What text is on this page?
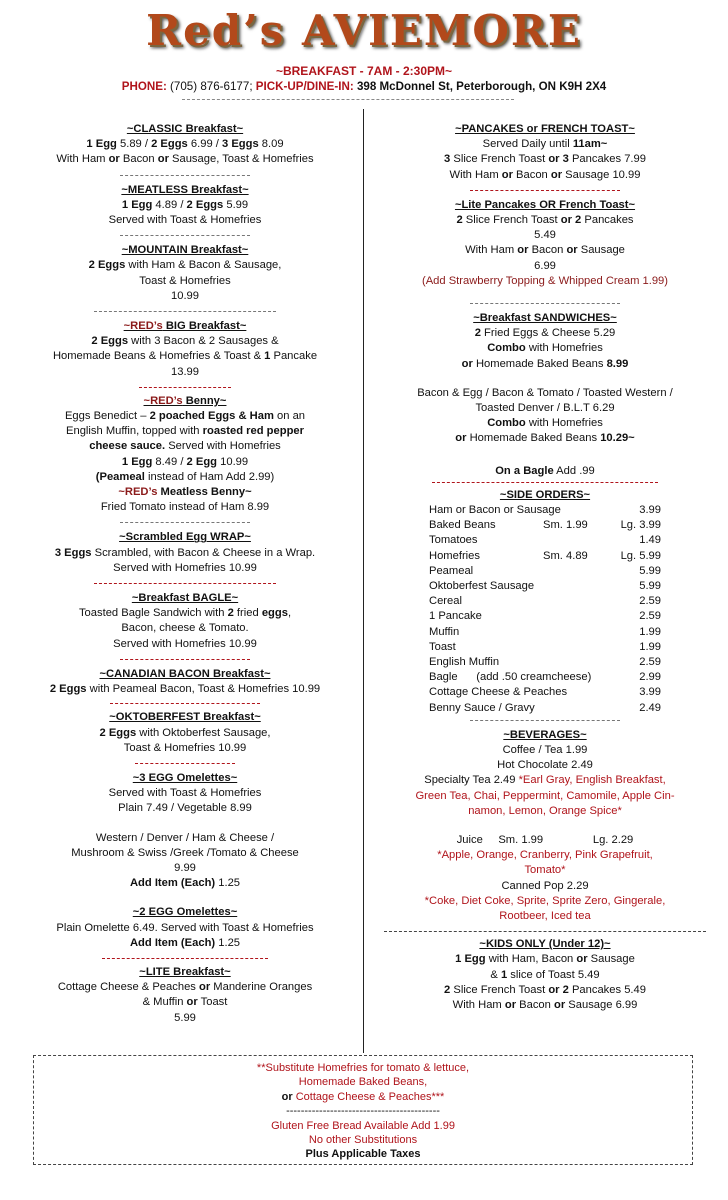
Red’s AVIEMORE
~BREAKFAST - 7AM - 2:30PM~
PHONE: (705) 876-6177; PICK-UP/DINE-IN: 398 McDonnel St, Peterborough, ON K9H 2X4

~CLASSIC Breakfast~

1 Egg 5.89 / 2 Eggs 6.99 / 3 Eggs 8.09

With Ham or Bacon or Sausage, Toast & Homefries

~MEATLESS Breakfast~

1 Egg 4.89 / 2 Eggs 5.99

Served with Toast & Homefries

~MOUNTAIN Breakfast~

2 Eggs with Ham & Bacon & Sausage,

Toast & Homefries

10.99

~RED’s BIG Breakfast~

2 Eggs with 3 Bacon & 2 Sausages &

Homemade Beans & Homefries & Toast & 1 Pancake

13.99

~RED’s Benny~

Eggs Benedict – 2 poached Eggs & Ham on an

English Muffin, topped with roasted red pepper

cheese sauce. Served with Homefries

1 Egg 8.49 / 2 Egg 10.99

(Peameal instead of Ham Add 2.99)

~RED’s Meatless Benny~

Fried Tomato instead of Ham 8.99

~Scrambled Egg WRAP~

3 Eggs Scrambled, with Bacon & Cheese in a Wrap.

Served with Homefries 10.99

~Breakfast BAGLE~

Toasted Bagle Sandwich with 2 fried eggs,

Bacon, cheese & Tomato.

Served with Homefries 10.99

~CANADIAN BACON Breakfast~

2 Eggs with Peameal Bacon, Toast & Homefries 10.99

~OKTOBERFEST Breakfast~

2 Eggs with Oktoberfest Sausage,

Toast & Homefries 10.99

~3 EGG Omelettes~

Served with Toast & Homefries

Plain 7.49 / Vegetable 8.99

Western / Denver / Ham & Cheese /

Mushroom & Swiss /Greek /Tomato & Cheese

9.99

Add Item (Each) 1.25

~2 EGG Omelettes~

Plain Omelette 6.49. Served with Toast & Homefries

Add Item (Each) 1.25

~LITE Breakfast~

Cottage Cheese & Peaches or Manderine Oranges

& Muffin or Toast

5.99

~PANCAKES or FRENCH TOAST~

Served Daily until 11am~

3 Slice French Toast or 3 Pancakes 7.99

With Ham or Bacon or Sausage 10.99

~Lite Pancakes OR French Toast~

2 Slice French Toast or 2 Pancakes

5.49

With Ham or Bacon or Sausage

6.99

(Add Strawberry Topping & Whipped Cream 1.99)

~Breakfast SANDWICHES~

2 Fried Eggs & Cheese 5.29

Combo with Homefries

or Homemade Baked Beans 8.99

Bacon & Egg / Bacon & Tomato / Toasted Western /

Toasted Denver / B.L.T 6.29

Combo with Homefries

or Homemade Baked Beans 10.29~

On a Bagle Add .99

~SIDE ORDERS~

Ham or Bacon or Sausage	3.99
Baked Beans	Sm. 1.99	Lg. 3.99
Tomatoes	1.49
Homefries	Sm. 4.89	Lg. 5.99
Peameal	5.99
Oktoberfest Sausage	5.99
Cereal	2.59
1 Pancake	2.59
Muffin	1.99
Toast	1.99
English Muffin	2.59
Bagle      (add .50 creamcheese)	2.99
Cottage Cheese & Peaches	3.99
Benny Sauce / Gravy	2.49

~BEVERAGES~

Coffee / Tea 1.99

Hot Chocolate 2.49

Specialty Tea 2.49 *Earl Gray, English Breakfast,

Green Tea, Chai, Peppermint, Camomile, Apple Cin-

namon, Lemon, Orange Spice*

Juice     Sm. 1.99                Lg. 2.29

*Apple, Orange, Cranberry, Pink Grapefruit,

Tomato*

Canned Pop 2.29

*Coke, Diet Coke, Sprite, Sprite Zero, Gingerale,

Rootbeer, Iced tea

~KIDS ONLY (Under 12)~

1 Egg with Ham, Bacon or Sausage

& 1 slice of Toast 5.49

2 Slice French Toast or 2 Pancakes 5.49

With Ham or Bacon or Sausage 6.99

**Substitute Homefries for tomato & lettuce,

Homemade Baked Beans,

or Cottage Cheese & Peaches***

------------------------------------------

Gluten Free Bread Available Add 1.99

No other Substitutions

Plus Applicable Taxes
